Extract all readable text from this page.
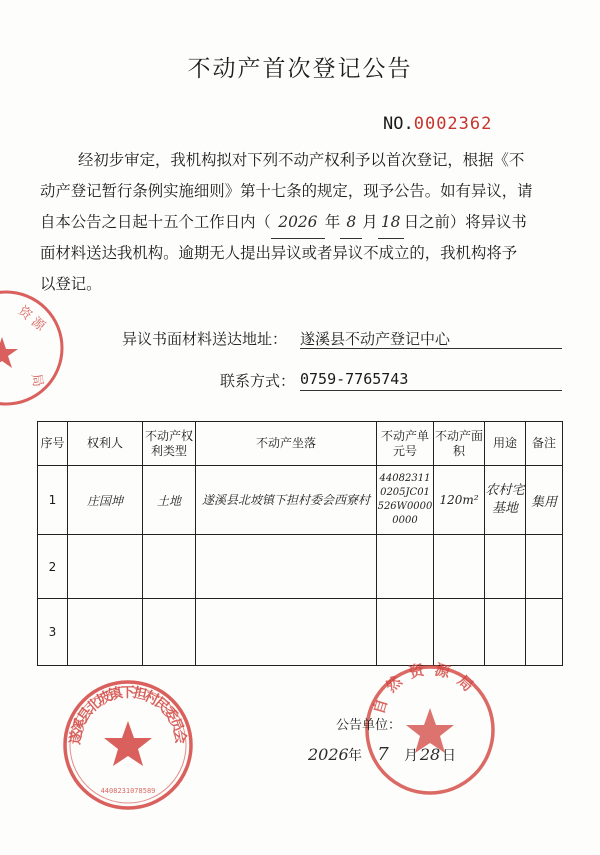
不动产首次登记公告
NO.0002362
经初步审定，我机构拟对下列不动产权利予以首次登记，根据《不
动产登记暂行条例实施细则》第十七条的规定，现予公告。如有异议，请
自本公告之日起十五个工作日内（ 2026 年 8 月 18 日之前）将异议书
面材料送达我机构。逾期无人提出异议或者异议不成立的，我机构将予
以登记。
异议书面材料送达地址： 遂溪县不动产登记中心
联系方式： 0759-7765743
序号	权利人	不动产权利类型	不动产坐落	不动产单元号	不动产面积	用途	备注
1	庄国坤	土地	遂溪县北坡镇下担村委会西寮村	440823110205JC01526W00000000	120m²	农村宅基地	集用
2							
3							
资 源
局
遂溪县北坡镇下担村民委员会
4408231078589
自然资源局
公告单位：
2026年 7 月 28 日
